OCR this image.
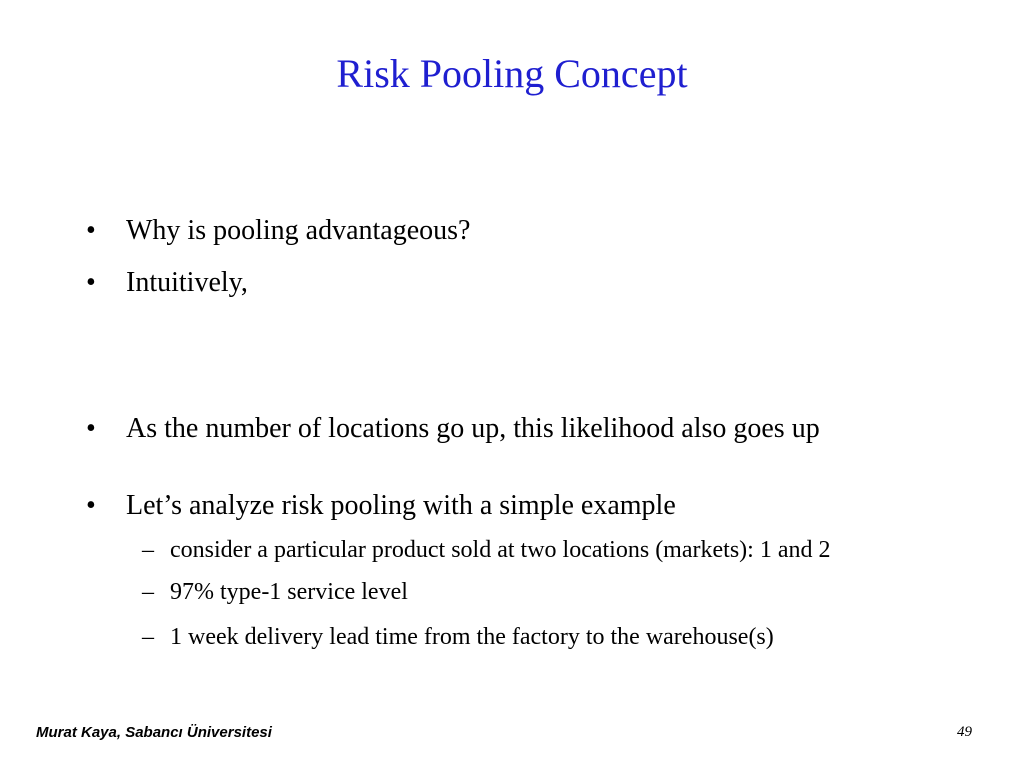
Risk Pooling Concept
• Why is pooling advantageous?
• Intuitively,
• As the number of locations go up, this likelihood also goes up
• Let’s analyze risk pooling with a simple example
– consider a particular product sold at two locations (markets): 1 and 2
– 97% type-1 service level
– 1 week delivery lead time from the factory to the warehouse(s)
Murat Kaya, Sabancı Üniversitesi	49
